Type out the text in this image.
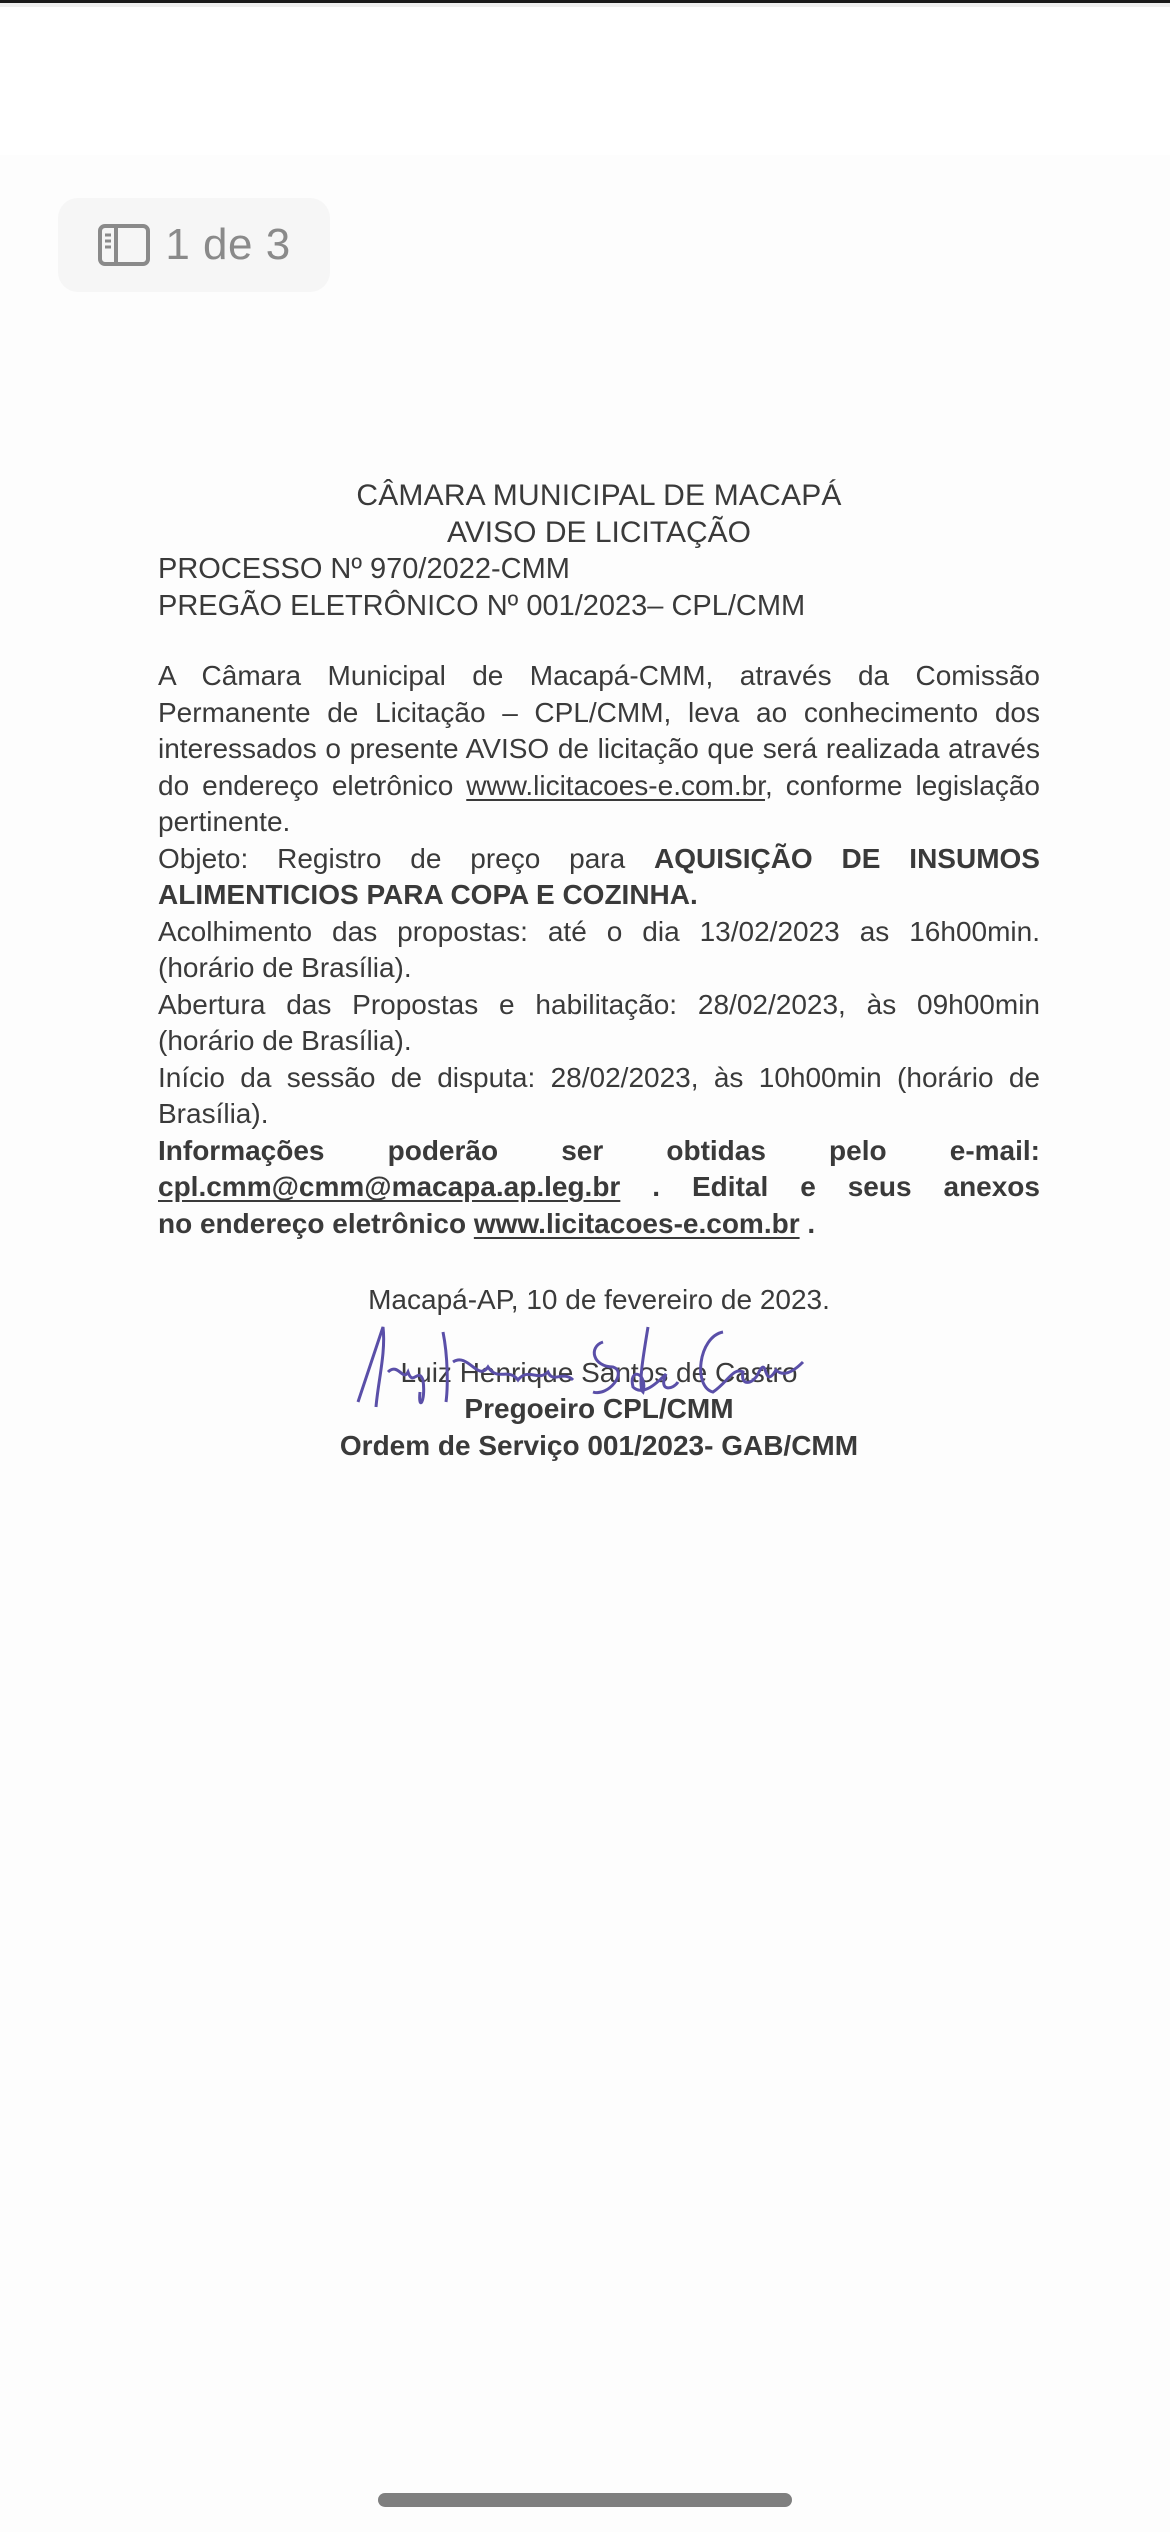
1 de 3
CÂMARA MUNICIPAL DE MACAPÁ
AVISO DE LICITAÇÃO
PROCESSO Nº 970/2022-CMM
PREGÃO ELETRÔNICO Nº 001/2023– CPL/CMM
A Câmara Municipal de Macapá-CMM, através da Comissão Permanente de Licitação – CPL/CMM, leva ao conhecimento dos interessados o presente AVISO de licitação que será realizada através do endereço eletrônico www.licitacoes-e.com.br, conforme legislação pertinente.
Objeto: Registro de preço para AQUISIÇÃO DE INSUMOS ALIMENTICIOS PARA COPA E COZINHA.
Acolhimento das propostas: até o dia 13/02/2023 as 16h00min. (horário de Brasília).
Abertura das Propostas e habilitação: 28/02/2023, às 09h00min (horário de Brasília).
Início da sessão de disputa: 28/02/2023, às 10h00min (horário de Brasília).
Informações poderão ser obtidas pelo e-mail:
cpl.cmm@cmm@macapa.ap.leg.br . Edital e seus anexos
no endereço eletrônico www.licitacoes-e.com.br .
Macapá-AP, 10 de fevereiro de 2023.
Luiz Henrique Santos de Castro
Pregoeiro CPL/CMM
Ordem de Serviço 001/2023- GAB/CMM
